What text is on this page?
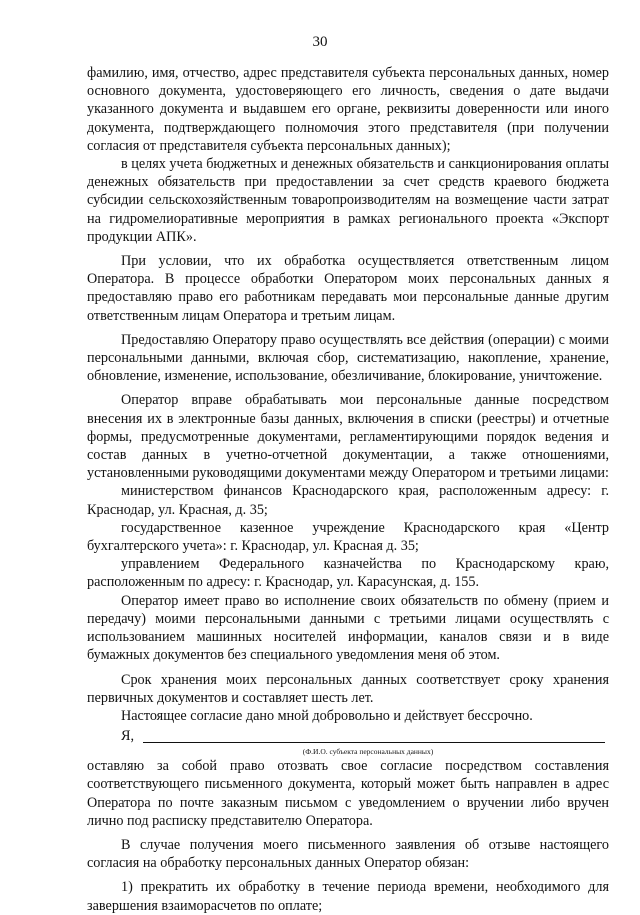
30

фамилию, имя, отчество, адрес представителя субъекта персональных данных, номер основного документа, удостоверяющего его личность, сведения о дате выдачи указанного документа и выдавшем его органе, реквизиты доверенности или иного документа, подтверждающего полномочия этого представителя (при получении согласия от представителя субъекта персональных данных);

в целях учета бюджетных и денежных обязательств и санкционирования оплаты денежных обязательств при предоставлении за счет средств краевого бюджета субсидии сельскохозяйственным товаропроизводителям на возмещение части затрат на гидромелиоративные мероприятия в рамках регионального проекта «Экспорт продукции АПК».

При условии, что их обработка осуществляется ответственным лицом Оператора. В процессе обработки Оператором моих персональных данных я предоставляю право его работникам передавать мои персональные данные другим ответственным лицам Оператора и третьим лицам.

Предоставляю Оператору право осуществлять все действия (операции) с моими персональными данными, включая сбор, систематизацию, накопление, хранение, обновление, изменение, использование, обезличивание, блокирование, уничтожение.

Оператор вправе обрабатывать мои персональные данные посредством внесения их в электронные базы данных, включения в списки (реестры) и отчетные формы, предусмотренные документами, регламентирующими порядок ведения и состав данных в учетно-отчетной документации, а также отношениями, установленными руководящими документами между Оператором и третьими лицами:

министерством финансов Краснодарского края, расположенным адресу: г. Краснодар, ул. Красная, д. 35;

государственное казенное учреждение Краснодарского края «Центр бухгалтерского учета»: г. Краснодар, ул. Красная д. 35;

управлением Федерального казначейства по Краснодарскому краю, расположенным по адресу: г. Краснодар, ул. Карасунская, д. 155.

Оператор имеет право во исполнение своих обязательств по обмену (прием и передачу) моими персональными данными с третьими лицами осуществлять с использованием машинных носителей информации, каналов связи и в виде бумажных документов без специального уведомления меня об этом.

Срок хранения моих персональных данных соответствует сроку хранения первичных документов и составляет шесть лет.

Настоящее согласие дано мной добровольно и действует бессрочно.

Я,
(Ф.И.О. субъекта персональных данных)

оставляю за собой право отозвать свое согласие посредством составления соответствующего письменного документа, который может быть направлен в адрес Оператора по почте заказным письмом с уведомлением о вручении либо вручен лично под расписку представителю Оператора.

В случае получения моего письменного заявления об отзыве настоящего согласия на обработку персональных данных Оператор обязан:

1) прекратить их обработку в течение периода времени, необходимого для завершения взаиморасчетов по оплате;
